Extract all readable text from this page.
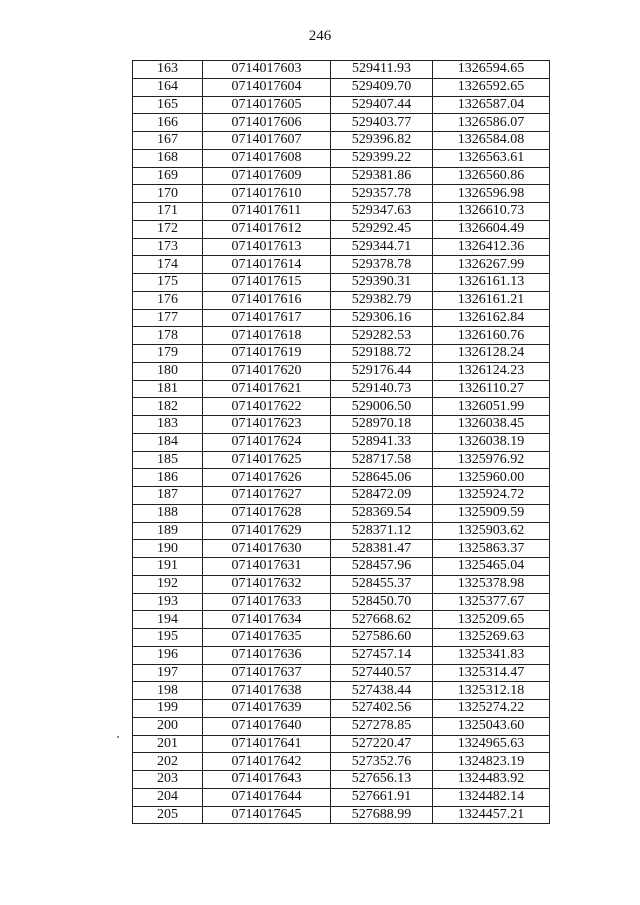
246
163	0714017603	529411.93	1326594.65
164	0714017604	529409.70	1326592.65
165	0714017605	529407.44	1326587.04
166	0714017606	529403.77	1326586.07
167	0714017607	529396.82	1326584.08
168	0714017608	529399.22	1326563.61
169	0714017609	529381.86	1326560.86
170	0714017610	529357.78	1326596.98
171	0714017611	529347.63	1326610.73
172	0714017612	529292.45	1326604.49
173	0714017613	529344.71	1326412.36
174	0714017614	529378.78	1326267.99
175	0714017615	529390.31	1326161.13
176	0714017616	529382.79	1326161.21
177	0714017617	529306.16	1326162.84
178	0714017618	529282.53	1326160.76
179	0714017619	529188.72	1326128.24
180	0714017620	529176.44	1326124.23
181	0714017621	529140.73	1326110.27
182	0714017622	529006.50	1326051.99
183	0714017623	528970.18	1326038.45
184	0714017624	528941.33	1326038.19
185	0714017625	528717.58	1325976.92
186	0714017626	528645.06	1325960.00
187	0714017627	528472.09	1325924.72
188	0714017628	528369.54	1325909.59
189	0714017629	528371.12	1325903.62
190	0714017630	528381.47	1325863.37
191	0714017631	528457.96	1325465.04
192	0714017632	528455.37	1325378.98
193	0714017633	528450.70	1325377.67
194	0714017634	527668.62	1325209.65
195	0714017635	527586.60	1325269.63
196	0714017636	527457.14	1325341.83
197	0714017637	527440.57	1325314.47
198	0714017638	527438.44	1325312.18
199	0714017639	527402.56	1325274.22
200	0714017640	527278.85	1325043.60
201	0714017641	527220.47	1324965.63
202	0714017642	527352.76	1324823.19
203	0714017643	527656.13	1324483.92
204	0714017644	527661.91	1324482.14
205	0714017645	527688.99	1324457.21
